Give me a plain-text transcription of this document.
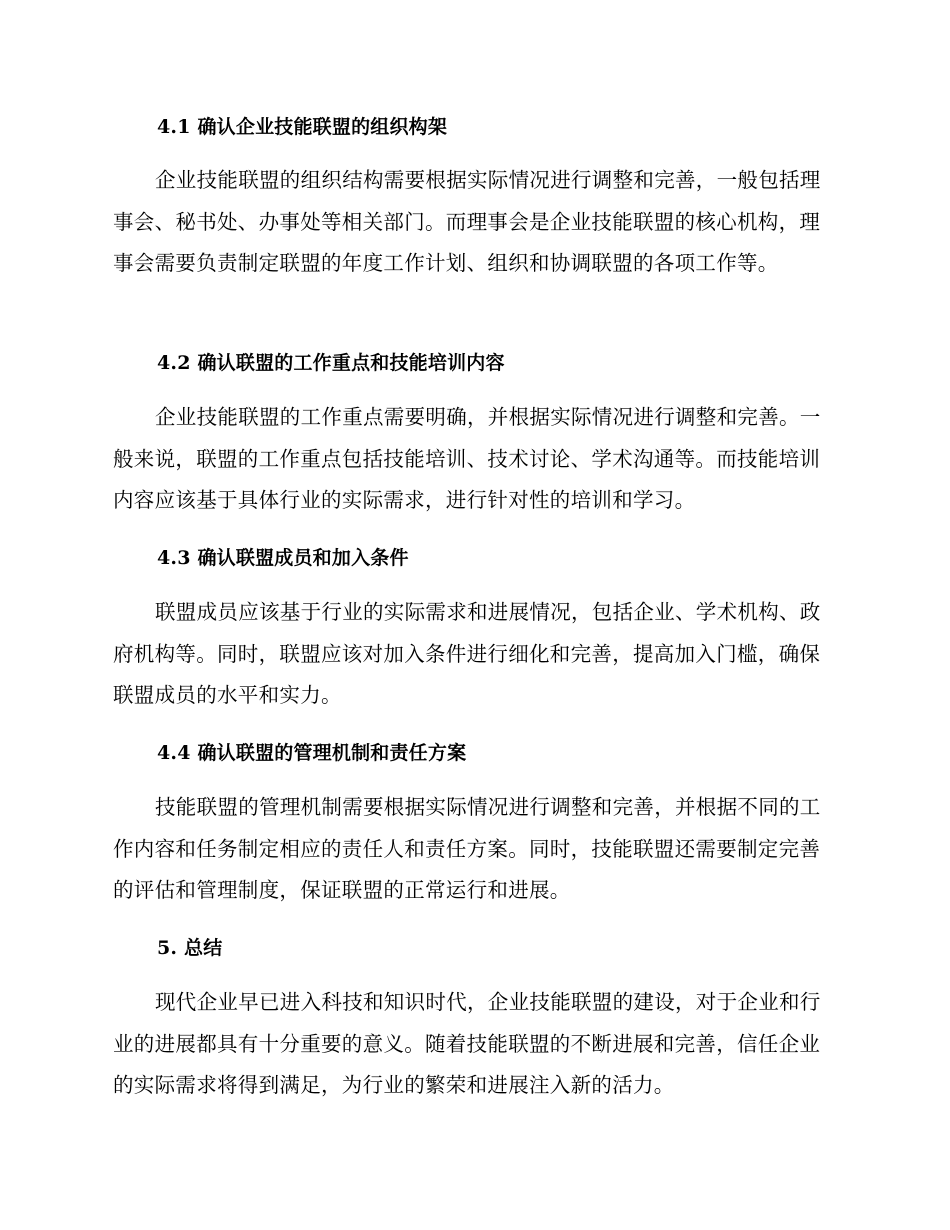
4.1 确认企业技能联盟的组织构架

企业技能联盟的组织结构需要根据实际情况进行调整和完善，一般包括理事会、秘书处、办事处等相关部门。而理事会是企业技能联盟的核心机构，理事会需要负责制定联盟的年度工作计划、组织和协调联盟的各项工作等。

4.2 确认联盟的工作重点和技能培训内容

企业技能联盟的工作重点需要明确，并根据实际情况进行调整和完善。一般来说，联盟的工作重点包括技能培训、技术讨论、学术沟通等。而技能培训内容应该基于具体行业的实际需求，进行针对性的培训和学习。

4.3 确认联盟成员和加入条件

联盟成员应该基于行业的实际需求和进展情况，包括企业、学术机构、政府机构等。同时，联盟应该对加入条件进行细化和完善，提高加入门槛，确保联盟成员的水平和实力。

4.4 确认联盟的管理机制和责任方案

技能联盟的管理机制需要根据实际情况进行调整和完善，并根据不同的工作内容和任务制定相应的责任人和责任方案。同时，技能联盟还需要制定完善的评估和管理制度，保证联盟的正常运行和进展。

5. 总结

现代企业早已进入科技和知识时代，企业技能联盟的建设，对于企业和行业的进展都具有十分重要的意义。随着技能联盟的不断进展和完善，信任企业的实际需求将得到满足，为行业的繁荣和进展注入新的活力。
